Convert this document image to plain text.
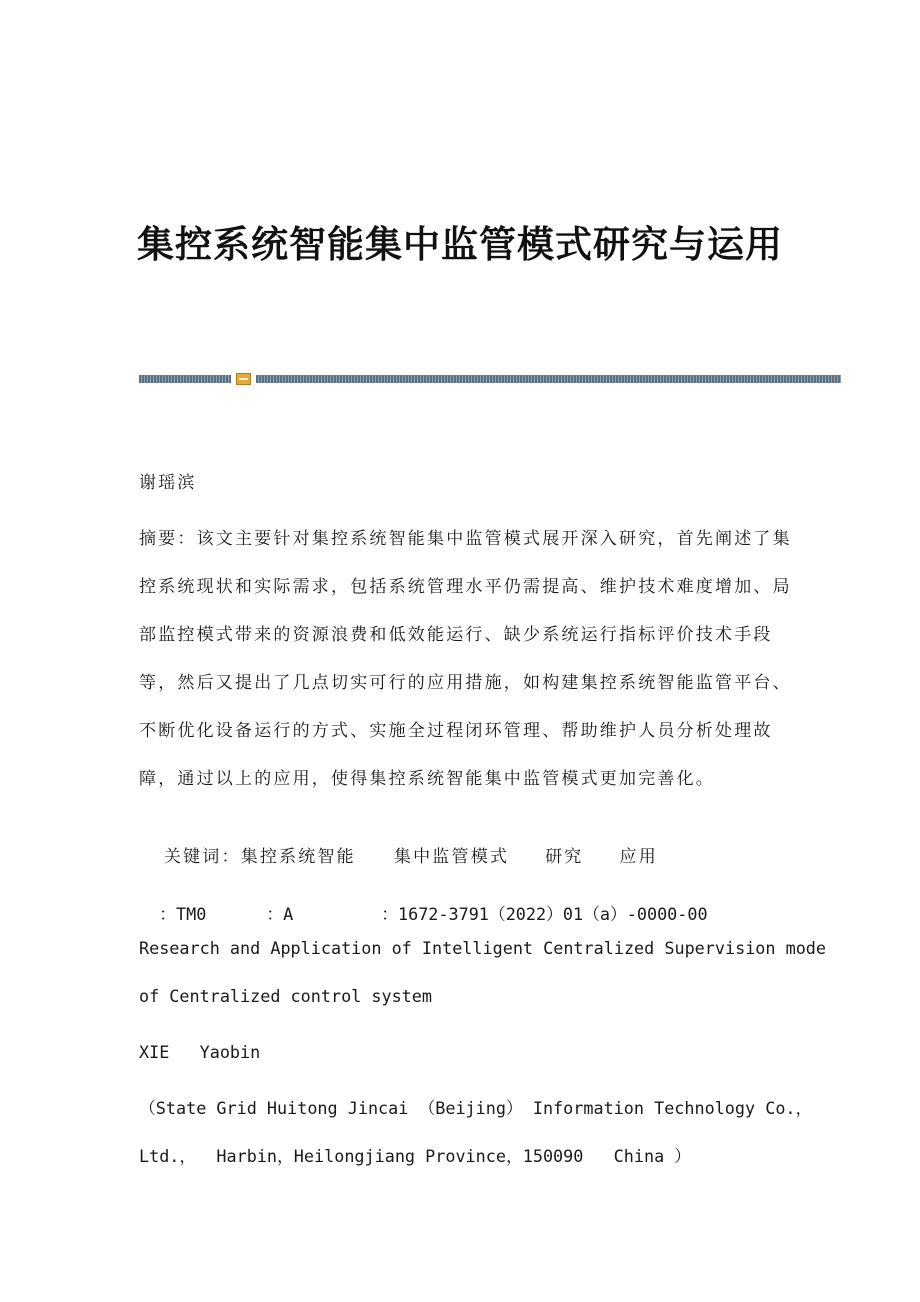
集控系统智能集中监管模式研究与运用
谢瑶滨
摘要：该文主要针对集控系统智能集中监管模式展开深入研究，首先阐述了集
控系统现状和实际需求，包括系统管理水平仍需提高、维护技术难度增加、局
部监控模式带来的资源浪费和低效能运行、缺少系统运行指标评价技术手段
等，然后又提出了几点切实可行的应用措施，如构建集控系统智能监管平台、
不断优化设备运行的方式、实施全过程闭环管理、帮助维护人员分析处理故
障，通过以上的应用，使得集控系统智能集中监管模式更加完善化。

关键词：集控系统智能 集中监管模式 研究 应用

：TM0	：A	：1672-3791（2022）01（a）-0000-00

Research and Application of Intelligent Centralized Supervision mode
of Centralized control system
XIE   Yaobin
（State Grid Huitong Jincai （Beijing） Information Technology Co.，
Ltd.，  Harbin，Heilongjiang Province，150090   China ）
